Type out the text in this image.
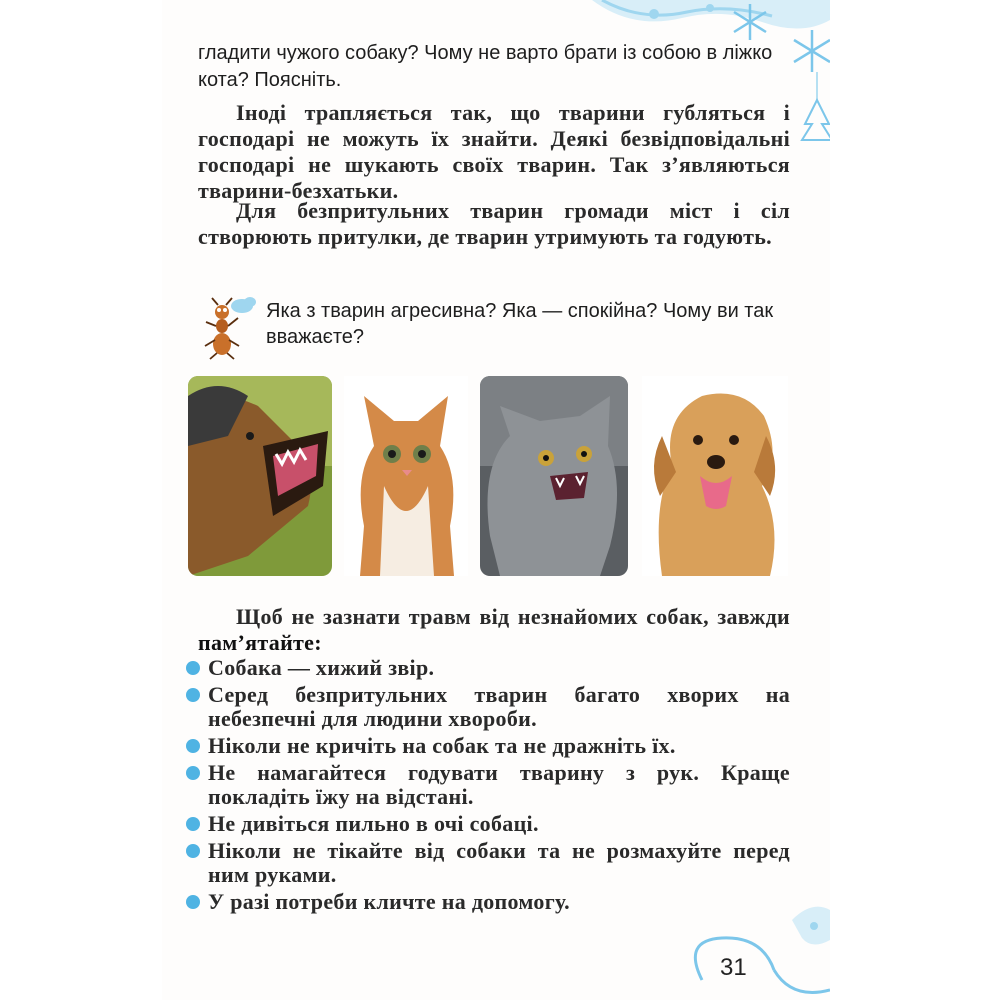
гладити чужого собаку? Чому не варто брати із собою в ліжко кота? Поясніть.

Іноді трапляється так, що тварини губляться і господарі не можуть їх знайти. Деякі безвідповідальні господарі не шукають своїх тварин. Так з’являються тварини-безхатьки.

Для безпритульних тварин громади міст і сіл створюють притулки, де тварин утримують та годують.

Яка з тварин агресивна? Яка — спокійна? Чому ви так вважаєте?

Щоб не зазнати травм від незнайомих собак, завжди пам’ятайте:

Собака — хижий звір.
Серед безпритульних тварин багато хворих на небезпечні для людини хвороби.
Ніколи не кричіть на собак та не дражніть їх.
Не намагайтеся годувати тварину з рук. Краще покладіть їжу на відстані.
Не дивіться пильно в очі собаці.
Ніколи не тікайте від собаки та не розмахуйте перед ним руками.
У разі потреби кличте на допомогу.
31
